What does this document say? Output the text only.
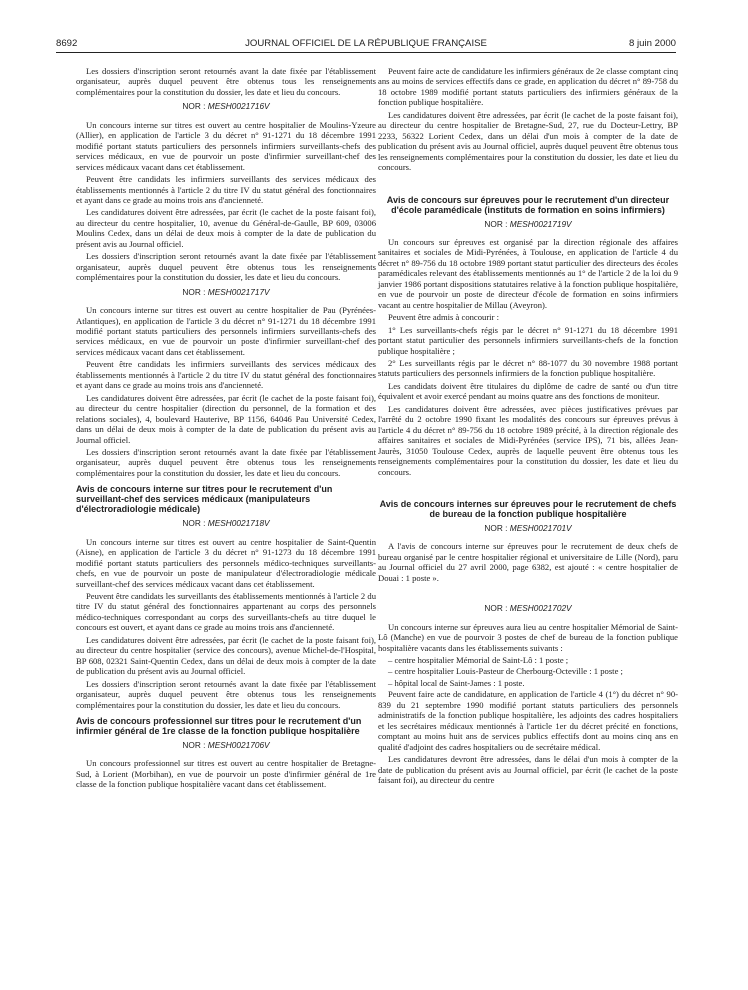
8692	JOURNAL OFFICIEL DE LA RÉPUBLIQUE FRANÇAISE	8 juin 2000

Les dossiers d'inscription seront retournés avant la date fixée par l'établissement organisateur, auprès duquel peuvent être obtenus tous les renseignements complémentaires pour la constitution du dossier, les date et lieu du concours.

NOR : MESH0021716V

Un concours interne sur titres est ouvert au centre hospitalier de Moulins-Yzeure (Allier), en application de l'article 3 du décret n° 91-1271 du 18 décembre 1991 modifié portant statuts particuliers des personnels infirmiers surveillants-chefs des services médicaux, en vue de pourvoir un poste d'infirmier surveillant-chef des services médicaux vacant dans cet établissement.

Peuvent être candidats les infirmiers surveillants des services médicaux des établissements mentionnés à l'article 2 du titre IV du statut général des fonctionnaires et ayant dans ce grade au moins trois ans d'ancienneté.

Les candidatures doivent être adressées, par écrit (le cachet de la poste faisant foi), au directeur du centre hospitalier, 10, avenue du Général-de-Gaulle, BP 609, 03006 Moulins Cedex, dans un délai de deux mois à compter de la date de publication du présent avis au Journal officiel.

Les dossiers d'inscription seront retournés avant la date fixée par l'établissement organisateur, auprès duquel peuvent être obtenus tous les renseignements complémentaires pour la constitution du dossier, les date et lieu du concours.

NOR : MESH0021717V

Un concours interne sur titres est ouvert au centre hospitalier de Pau (Pyrénées-Atlantiques), en application de l'article 3 du décret n° 91-1271 du 18 décembre 1991 modifié portant statuts particuliers des personnels infirmiers surveillants-chefs des services médicaux, en vue de pourvoir un poste d'infirmier surveillant-chef des services médicaux vacant dans cet établissement.

Peuvent être candidats les infirmiers surveillants des services médicaux des établissements mentionnés à l'article 2 du titre IV du statut général des fonctionnaires et ayant dans ce grade au moins trois ans d'ancienneté.

Les candidatures doivent être adressées, par écrit (le cachet de la poste faisant foi), au directeur du centre hospitalier (direction du personnel, de la formation et des relations sociales), 4, boulevard Hauterive, BP 1156, 64046 Pau Université Cedex, dans un délai de deux mois à compter de la date de publication du présent avis au Journal officiel.

Les dossiers d'inscription seront retournés avant la date fixée par l'établissement organisateur, auprès duquel peuvent être obtenus tous les renseignements complémentaires pour la constitution du dossier, les date et lieu du concours.

Avis de concours interne sur titres pour le recrutement d'un surveillant-chef des services médicaux (manipulateurs d'électroradiologie médicale)
NOR : MESH0021718V

Un concours interne sur titres est ouvert au centre hospitalier de Saint-Quentin (Aisne), en application de l'article 3 du décret n° 91-1273 du 18 décembre 1991 modifié portant statuts particuliers des personnels médico-techniques surveillants-chefs, en vue de pourvoir un poste de manipulateur d'électroradiologie médicale surveillant-chef des services médicaux vacant dans cet établissement.

Peuvent être candidats les surveillants des établissements mentionnés à l'article 2 du titre IV du statut général des fonctionnaires appartenant au corps des personnels médico-techniques correspondant au corps des surveillants-chefs au titre duquel le concours est ouvert, et ayant dans ce grade au moins trois ans d'ancienneté.

Les candidatures doivent être adressées, par écrit (le cachet de la poste faisant foi), au directeur du centre hospitalier (service des concours), avenue Michel-de-l'Hospital, BP 608, 02321 Saint-Quentin Cedex, dans un délai de deux mois à compter de la date de publication du présent avis au Journal officiel.

Les dossiers d'inscription seront retournés avant la date fixée par l'établissement organisateur, auprès duquel peuvent être obtenus tous les renseignements complémentaires pour la constitution du dossier, les date et lieu du concours.

Avis de concours professionnel sur titres pour le recrutement d'un infirmier général de 1re classe de la fonction publique hospitalière
NOR : MESH0021706V

Un concours professionnel sur titres est ouvert au centre hospitalier de Bretagne-Sud, à Lorient (Morbihan), en vue de pourvoir un poste d'infirmier général de 1re classe de la fonction publique hospitalière vacant dans cet établissement.

Peuvent faire acte de candidature les infirmiers généraux de 2e classe comptant cinq ans au moins de services effectifs dans ce grade, en application du décret n° 89-758 du 18 octobre 1989 modifié portant statuts particuliers des infirmiers généraux de la fonction publique hospitalière.

Les candidatures doivent être adressées, par écrit (le cachet de la poste faisant foi), au directeur du centre hospitalier de Bretagne-Sud, 27, rue du Docteur-Lettry, BP 2233, 56322 Lorient Cedex, dans un délai d'un mois à compter de la date de publication du présent avis au Journal officiel, auprès duquel peuvent être obtenus tous les renseignements complémentaires pour la constitution du dossier, les date et lieu du concours.

Avis de concours sur épreuves pour le recrutement d'un directeur d'école paramédicale (instituts de formation en soins infirmiers)
NOR : MESH0021719V

Un concours sur épreuves est organisé par la direction régionale des affaires sanitaires et sociales de Midi-Pyrénées, à Toulouse, en application de l'article 4 du décret n° 89-756 du 18 octobre 1989 portant statut particulier des directeurs des écoles paramédicales relevant des établissements mentionnés au 1° de l'article 2 de la loi du 9 janvier 1986 portant dispositions statutaires relative à la fonction publique hospitalière, en vue de pourvoir un poste de directeur d'école de formation en soins infirmiers vacant au centre hospitalier de Millau (Aveyron).

Peuvent être admis à concourir :

1° Les surveillants-chefs régis par le décret n° 91-1271 du 18 décembre 1991 portant statut particulier des personnels infirmiers surveillants-chefs de la fonction publique hospitalière ;

2° Les surveillants régis par le décret n° 88-1077 du 30 novembre 1988 portant statuts particuliers des personnels infirmiers de la fonction publique hospitalière.

Les candidats doivent être titulaires du diplôme de cadre de santé ou d'un titre équivalent et avoir exercé pendant au moins quatre ans des fonctions de moniteur.

Les candidatures doivent être adressées, avec pièces justificatives prévues par l'arrêté du 2 octobre 1990 fixant les modalités des concours sur épreuves prévus à l'article 4 du décret n° 89-756 du 18 octobre 1989 précité, à la direction régionale des affaires sanitaires et sociales de Midi-Pyrénées (service IPS), 71 bis, allées Jean-Jaurès, 31050 Toulouse Cedex, auprès de laquelle peuvent être obtenus tous les renseignements complémentaires pour la constitution du dossier, les date et lieu du concours.

Avis de concours internes sur épreuves pour le recrutement de chefs de bureau de la fonction publique hospitalière
NOR : MESH0021701V

A l'avis de concours interne sur épreuves pour le recrutement de deux chefs de bureau organisé par le centre hospitalier régional et universitaire de Lille (Nord), paru au Journal officiel du 27 avril 2000, page 6382, est ajouté : « centre hospitalier de Douai : 1 poste ».

NOR : MESH0021702V

Un concours interne sur épreuves aura lieu au centre hospitalier Mémorial de Saint-Lô (Manche) en vue de pourvoir 3 postes de chef de bureau de la fonction publique hospitalière vacants dans les établissements suivants :

– centre hospitalier Mémorial de Saint-Lô : 1 poste ;

– centre hospitalier Louis-Pasteur de Cherbourg-Octeville : 1 poste ;

– hôpital local de Saint-James : 1 poste.

Peuvent faire acte de candidature, en application de l'article 4 (1°) du décret n° 90-839 du 21 septembre 1990 modifié portant statuts particuliers des personnels administratifs de la fonction publique hospitalière, les adjoints des cadres hospitaliers et les secrétaires médicaux mentionnés à l'article 1er du décret précité en fonctions, comptant au moins huit ans de services publics effectifs dont au moins cinq ans en qualité d'adjoint des cadres hospitaliers ou de secrétaire médical.

Les candidatures devront être adressées, dans le délai d'un mois à compter de la date de publication du présent avis au Journal officiel, par écrit (le cachet de la poste faisant foi), au directeur du centre
